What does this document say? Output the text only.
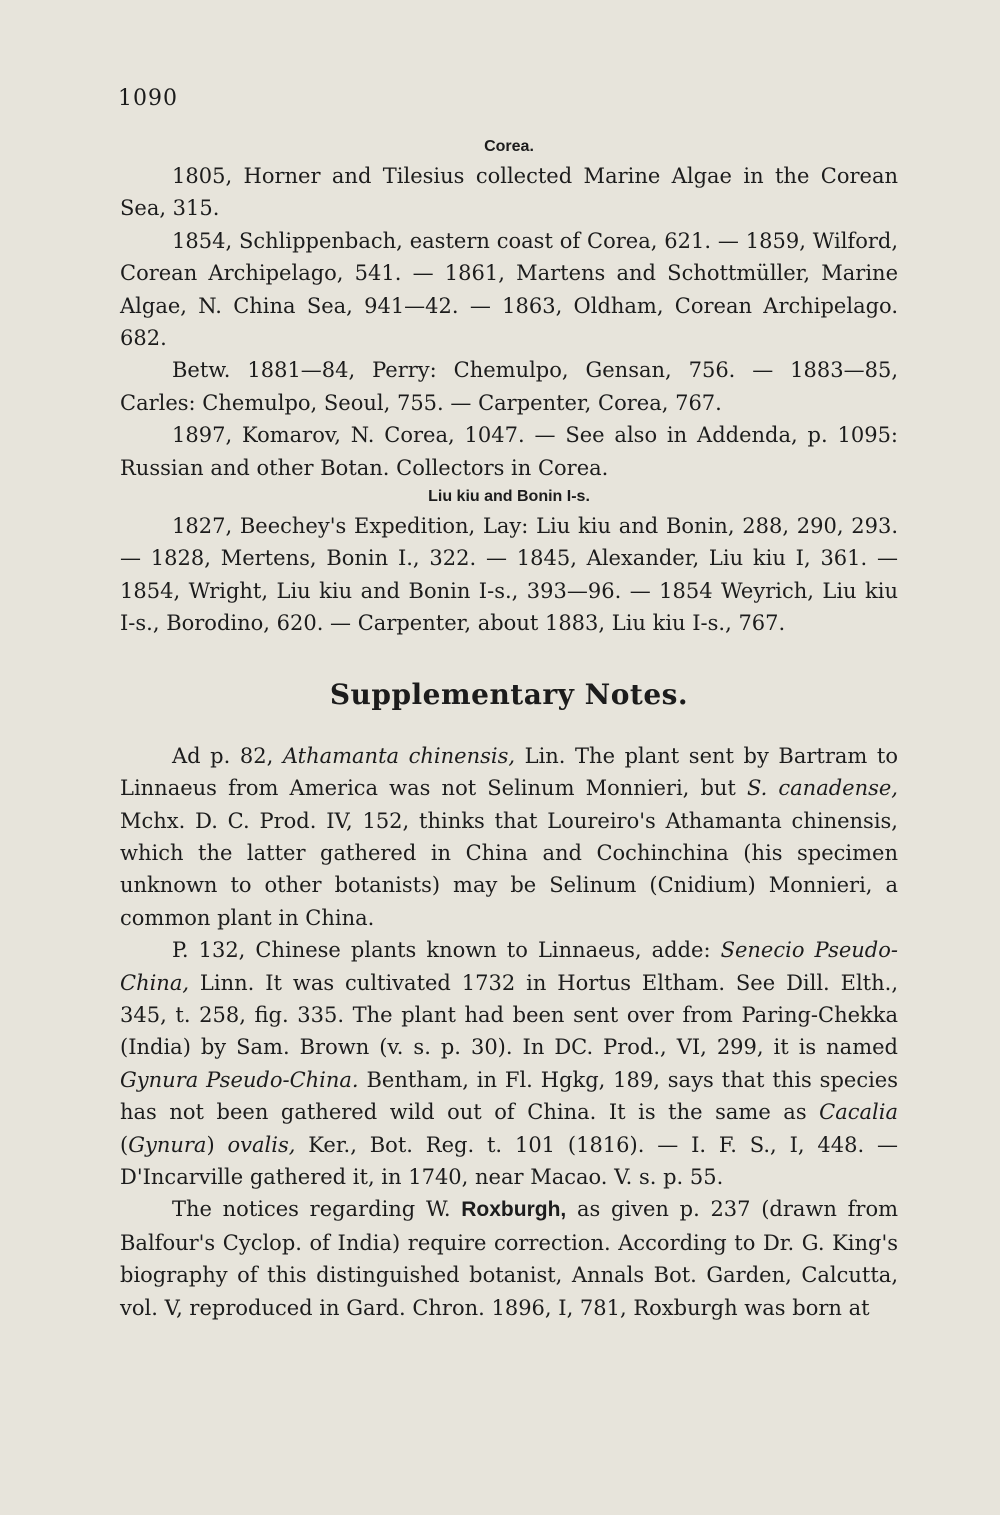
1090
Corea.

1805, Horner and Tilesius collected Marine Algae in the Corean Sea, 315.

1854, Schlippenbach, eastern coast of Corea, 621. — 1859, Wilford, Corean Archipelago, 541. — 1861, Martens and Schottmüller, Marine Algae, N. China Sea, 941—42. — 1863, Oldham, Corean Archipelago. 682.

Betw. 1881—84, Perry: Chemulpo, Gensan, 756. — 1883—85, Carles: Chemulpo, Seoul, 755. — Carpenter, Corea, 767.

1897, Komarov, N. Corea, 1047. — See also in Addenda, p. 1095: Russian and other Botan. Collectors in Corea.

Liu kiu and Bonin I-s.

1827, Beechey's Expedition, Lay: Liu kiu and Bonin, 288, 290, 293. — 1828, Mertens, Bonin I., 322. — 1845, Alexander, Liu kiu I, 361. — 1854, Wright, Liu kiu and Bonin I-s., 393—96. — 1854 Weyrich, Liu kiu I-s., Borodino, 620. — Carpenter, about 1883, Liu kiu I-s., 767.

Supplementary Notes.

Ad p. 82, Athamanta chinensis, Lin. The plant sent by Bartram to Linnaeus from America was not Selinum Monnieri, but S. canadense, Mchx. D. C. Prod. IV, 152, thinks that Loureiro's Athamanta chinensis, which the latter gathered in China and Cochinchina (his specimen unknown to other botanists) may be Selinum (Cnidium) Monnieri, a common plant in China.

P. 132, Chinese plants known to Linnaeus, adde: Senecio Pseudo-China, Linn. It was cultivated 1732 in Hortus Eltham. See Dill. Elth., 345, t. 258, fig. 335. The plant had been sent over from Paring-Chekka (India) by Sam. Brown (v. s. p. 30). In DC. Prod., VI, 299, it is named Gynura Pseudo-China. Bentham, in Fl. Hgkg, 189, says that this species has not been gathered wild out of China. It is the same as Cacalia (Gynura) ovalis, Ker., Bot. Reg. t. 101 (1816). — I. F. S., I, 448. — D'Incarville gathered it, in 1740, near Macao. V. s. p. 55.

The notices regarding W. Roxburgh, as given p. 237 (drawn from Balfour's Cyclop. of India) require correction. According to Dr. G. King's biography of this distinguished botanist, Annals Bot. Garden, Calcutta, vol. V, reproduced in Gard. Chron. 1896, I, 781, Roxburgh was born at
